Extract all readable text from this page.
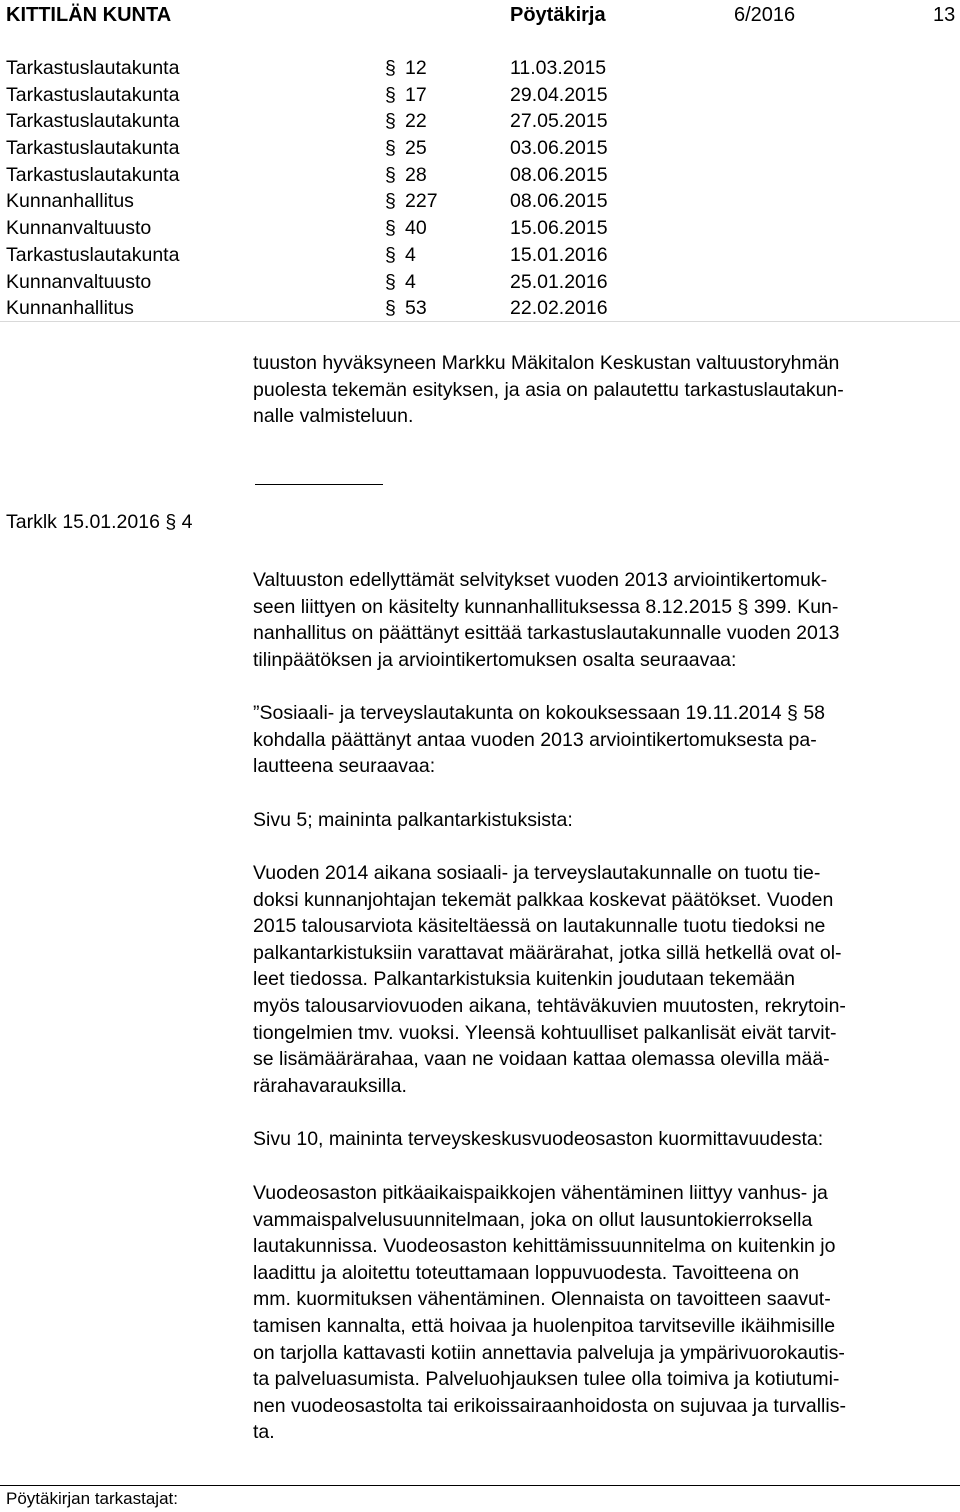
KITTILÄN KUNTA	Pöytäkirja	6/2016	13
Tarkastuslautakunta	§ 12	11.03.2015
Tarkastuslautakunta	§ 17	29.04.2015
Tarkastuslautakunta	§ 22	27.05.2015
Tarkastuslautakunta	§ 25	03.06.2015
Tarkastuslautakunta	§ 28	08.06.2015
Kunnanhallitus	§ 227	08.06.2015
Kunnanvaltuusto	§ 40	15.06.2015
Tarkastuslautakunta	§ 4	15.01.2016
Kunnanvaltuusto	§ 4	25.01.2016
Kunnanhallitus	§ 53	22.02.2016

tuuston hyväksyneen Markku Mäkitalon Keskustan valtuustoryhmän
puolesta tekemän esityksen, ja asia on palautettu tarkastuslautakun-
nalle valmisteluun.

Tarklk 15.01.2016 § 4

Valtuuston edellyttämät selvitykset vuoden 2013 arviointikertomuk-
seen liittyen on käsitelty kunnanhallituksessa 8.12.2015 § 399. Kun-
nanhallitus on päättänyt esittää tarkastuslautakunnalle vuoden 2013
tilinpäätöksen ja arviointikertomuksen osalta seuraavaa:

”Sosiaali- ja terveyslautakunta on kokouksessaan 19.11.2014 § 58
kohdalla päättänyt antaa vuoden 2013 arviointikertomuksesta pa-
lautteena seuraavaa:

Sivu 5; maininta palkantarkistuksista:

Vuoden 2014 aikana sosiaali- ja terveyslautakunnalle on tuotu tie-
doksi kunnanjohtajan tekemät palkkaa koskevat päätökset. Vuoden
2015 talousarviota käsiteltäessä on lautakunnalle tuotu tiedoksi ne
palkantarkistuksiin varattavat määrärahat, jotka sillä hetkellä ovat ol-
leet tiedossa. Palkantarkistuksia kuitenkin joudutaan tekemään
myös talousarviovuoden aikana, tehtäväkuvien muutosten, rekrytoin-
tiongelmien tmv. vuoksi. Yleensä kohtuulliset palkanlisät eivät tarvit-
se lisämäärärahaa, vaan ne voidaan kattaa olemassa olevilla mää-
rärahavarauksilla.

Sivu 10, maininta terveyskeskusvuodeosaston kuormittavuudesta:

Vuodeosaston pitkäaikaispaikkojen vähentäminen liittyy vanhus- ja
vammaispalvelusuunnitelmaan, joka on ollut lausuntokierroksella
lautakunnissa. Vuodeosaston kehittämissuunnitelma on kuitenkin jo
laadittu ja aloitettu toteuttamaan loppuvuodesta. Tavoitteena on
mm. kuormituksen vähentäminen. Olennaista on tavoitteen saavut-
tamisen kannalta, että hoivaa ja huolenpitoa tarvitseville ikäihmisille
on tarjolla kattavasti kotiin annettavia palveluja ja ympärivuorokautis-
ta palveluasumista. Palveluohjauksen tulee olla toimiva ja kotiutumi-
nen vuodeosastolta tai erikoissairaanhoidosta on sujuvaa ja turvallis-
ta.

Pöytäkirjan tarkastajat:
